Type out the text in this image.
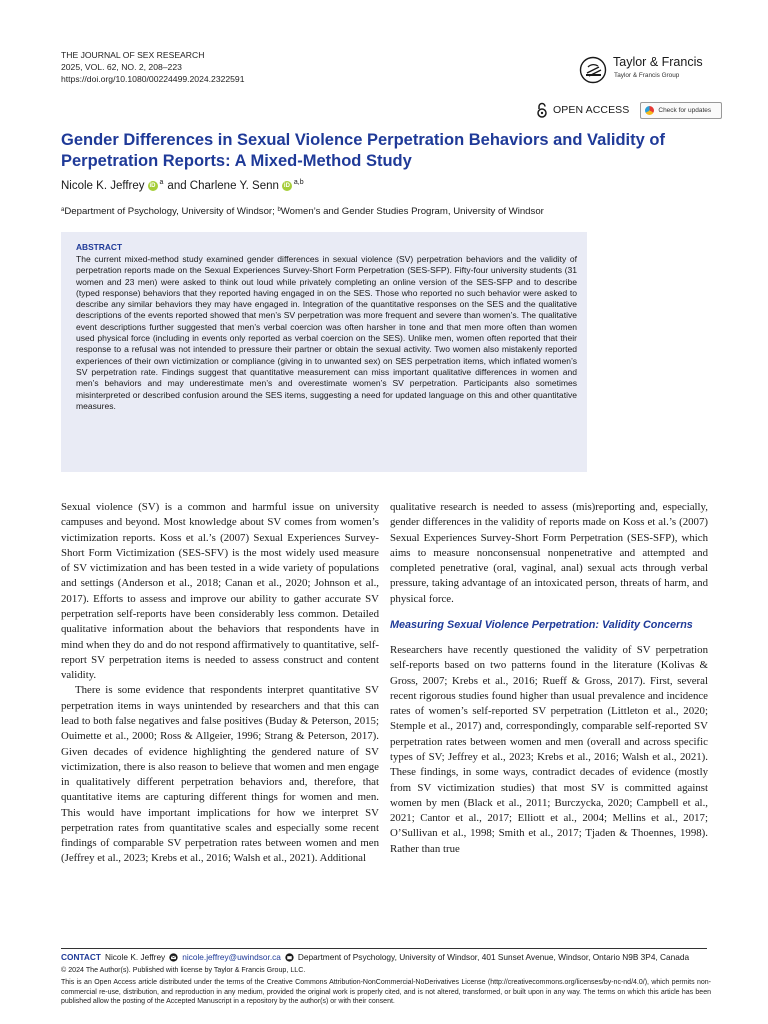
THE JOURNAL OF SEX RESEARCH
2025, VOL. 62, NO. 2, 208–223
https://doi.org/10.1080/00224499.2024.2322591
Taylor & Francis
Taylor & Francis Group
OPEN ACCESS	Check for updates
Gender Differences in Sexual Violence Perpetration Behaviors and Validity of Perpetration Reports: A Mixed-Method Study
Nicole K. Jeffrey iD
a and Charlene Y. Senn iD
a,b
$^a$Department of Psychology, University of Windsor; $^b$Women’s and Gender Studies Program, University of Windsor
ABSTRACT
The current mixed-method study examined gender differences in sexual violence (SV) perpetration behaviors and the validity of perpetration reports made on the Sexual Experiences Survey-Short Form Perpetration (SES-SFP). Fifty-four university students (31 women and 23 men) were asked to think out loud while privately completing an online version of the SES-SFP and to describe (typed response) behaviors that they reported having engaged in on the SES. Those who reported no such behavior were asked to describe any similar behaviors they may have engaged in. Integration of the quantitative responses on the SES and the qualitative descriptions of the events reported showed that men’s SV perpetration was more frequent and severe than women’s. The qualitative event descriptions further suggested that men’s verbal coercion was often harsher in tone and that men more often than women used physical force (including in events only reported as verbal coercion on the SES). Unlike men, women often reported that their response to a refusal was not intended to pressure their partner or obtain the sexual activity. Two women also mistakenly reported experiences of their own victimization or compliance (giving in to unwanted sex) on SES perpetration items, which inflated women’s SV perpetration rate. Findings suggest that quantitative measurement can miss important qualitative differences in women and men’s behaviors and may underestimate men’s and overestimate women’s SV perpetration. Participants also sometimes misinterpreted or described confusion around the SES items, suggesting a need for updated language on this and other quantitative measures.

Sexual violence (SV) is a common and harmful issue on university campuses and beyond. Most knowledge about SV comes from women’s victimization reports. Koss et al.’s (2007) Sexual Experiences Survey-Short Form Victimization (SES-SFV) is the most widely used measure of SV victimization and has been tested in a wide variety of populations and settings (Anderson et al., 2018; Canan et al., 2020; Johnson et al., 2017). Efforts to assess and improve our ability to gather accurate SV perpetration self-reports have been considerably less common. Detailed qualitative information about the behaviors that respondents have in mind when they do and do not respond affirmatively to quantitative, self-report SV perpetration items is needed to assess construct and content validity.

There is some evidence that respondents interpret quantitative SV perpetration items in ways unintended by researchers and that this can lead to both false negatives and false positives (Buday & Peterson, 2015; Ouimette et al., 2000; Ross & Allgeier, 1996; Strang & Peterson, 2017). Given decades of evidence highlighting the gendered nature of SV victimization, there is also reason to believe that women and men engage in qualitatively different perpetration behaviors and, therefore, that quantitative items are capturing different things for women and men. This would have important implications for how we interpret SV perpetration rates from quantitative scales and especially some recent findings of comparable SV perpetration rates between women and men (Jeffrey et al., 2023; Krebs et al., 2016; Walsh et al., 2021). Additional

qualitative research is needed to assess (mis)reporting and, especially, gender differences in the validity of reports made on Koss et al.’s (2007) Sexual Experiences Survey-Short Form Perpetration (SES-SFP), which aims to measure nonconsensual nonpenetrative and attempted and completed penetrative (oral, vaginal, anal) sexual acts through verbal pressure, taking advantage of an intoxicated person, threats of harm, and physical force.

Measuring Sexual Violence Perpetration: Validity Concerns

Researchers have recently questioned the validity of SV perpetration self-reports based on two patterns found in the literature (Kolivas & Gross, 2007; Krebs et al., 2016; Rueff & Gross, 2017). First, several recent rigorous studies found higher than usual prevalence and incidence rates of women’s self-reported SV perpetration (Littleton et al., 2020; Stemple et al., 2017) and, correspondingly, comparable self-reported SV perpetration rates between women and men (overall and across specific types of SV; Jeffrey et al., 2023; Krebs et al., 2016; Walsh et al., 2021). These findings, in some ways, contradict decades of evidence (mostly from SV victimization studies) that most SV is committed against women by men (Black et al., 2011; Burczycka, 2020; Campbell et al., 2021; Cantor et al., 2017; Elliott et al., 2004; Mellins et al., 2017; O’Sullivan et al., 1998; Smith et al., 2017; Tjaden & Thoennes, 1998). Rather than true

CONTACT Nicole K. Jeffrey nicole.jeffrey@uwindsor.ca Department of Psychology, University of Windsor, 401 Sunset Avenue, Windsor, Ontario N9B 3P4, Canada
© 2024 The Author(s). Published with license by Taylor & Francis Group, LLC.
This is an Open Access article distributed under the terms of the Creative Commons Attribution-NonCommercial-NoDerivatives License (http://creativecommons.org/licenses/by-nc-nd/4.0/), which permits non-commercial re-use, distribution, and reproduction in any medium, provided the original work is properly cited, and is not altered, transformed, or built upon in any way. The terms on which this article has been published allow the posting of the Accepted Manuscript in a repository by the author(s) or with their consent.
